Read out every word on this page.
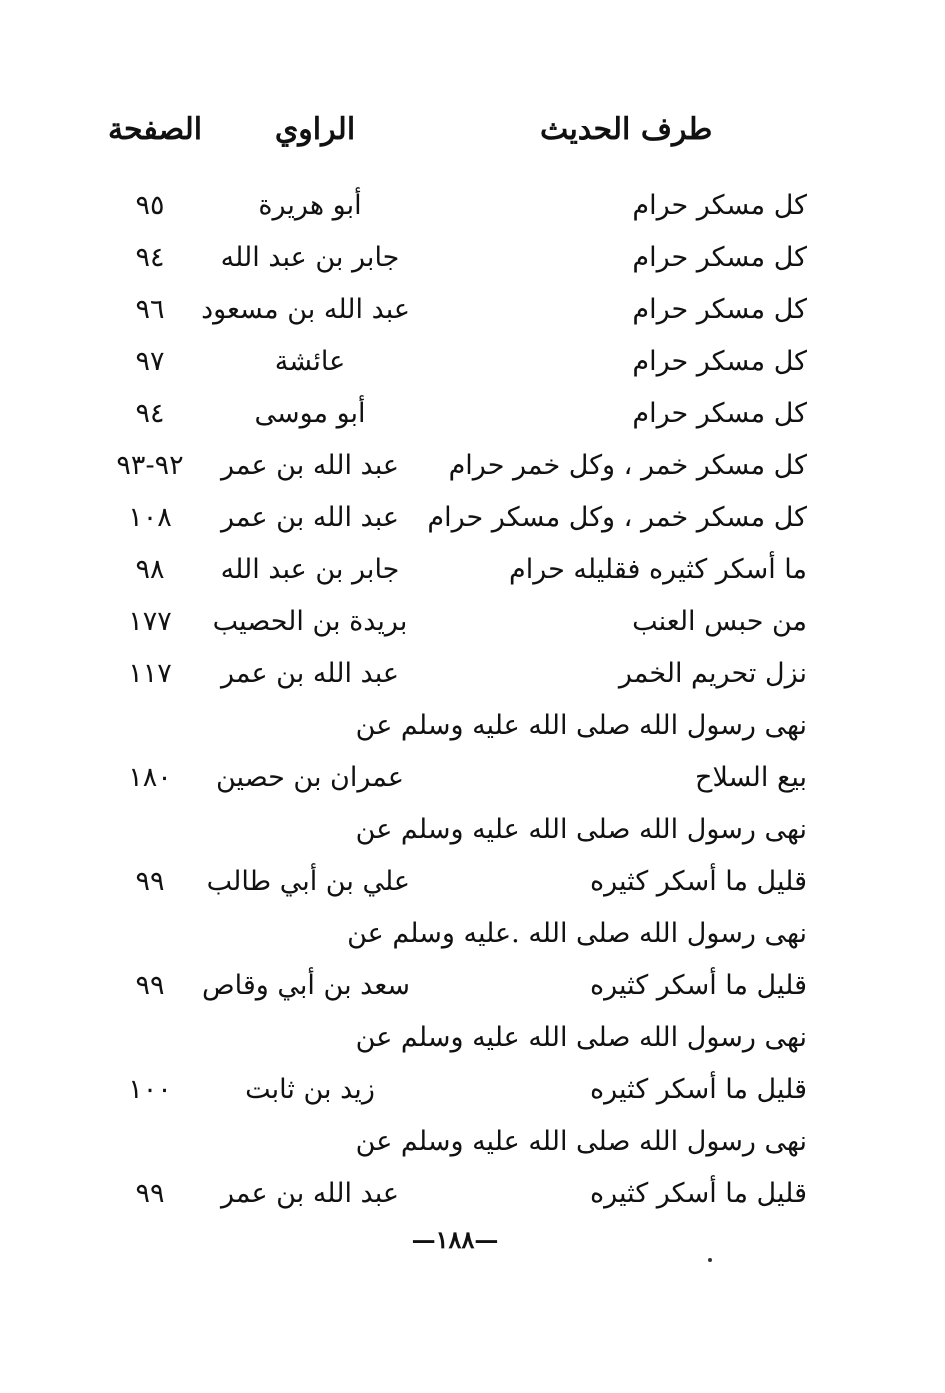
طرف الحديث
الراوي
الصفحة
كل مسكر حرام
أبو هريرة
٩٥
كل مسكر حرام
جابر بن عبد الله
٩٤
كل مسكر حرام
عبد الله بن مسعود
٩٦
كل مسكر حرام
عائشة
٩٧
كل مسكر حرام
أبو موسى
٩٤
كل مسكر خمر ، وكل خمر حرام
عبد الله بن عمر
٩٢-٩٣
كل مسكر خمر ، وكل مسكر حرام
عبد الله بن عمر
١٠٨
ما أسكر كثيره فقليله حرام
جابر بن عبد الله
٩٨
من حبس العنب
بريدة بن الحصيب
١٧٧
نزل تحريم الخمر
عبد الله بن عمر
١١٧
نهى رسول الله صلى الله عليه وسلم عن
بيع السلاح
عمران بن حصين
١٨٠
نهى رسول الله صلى الله عليه وسلم عن
قليل ما أسكر كثيره
علي بن أبي طالب
٩٩
نهى رسول الله صلى الله .عليه وسلم عن
قليل ما أسكر كثيره
سعد بن أبي وقاص
٩٩
نهى رسول الله صلى الله عليه وسلم عن
قليل ما أسكر كثيره
زيد بن ثابت
١٠٠
نهى رسول الله صلى الله عليه وسلم عن
قليل ما أسكر كثيره
عبد الله بن عمر
٩٩
—١٨٨—
